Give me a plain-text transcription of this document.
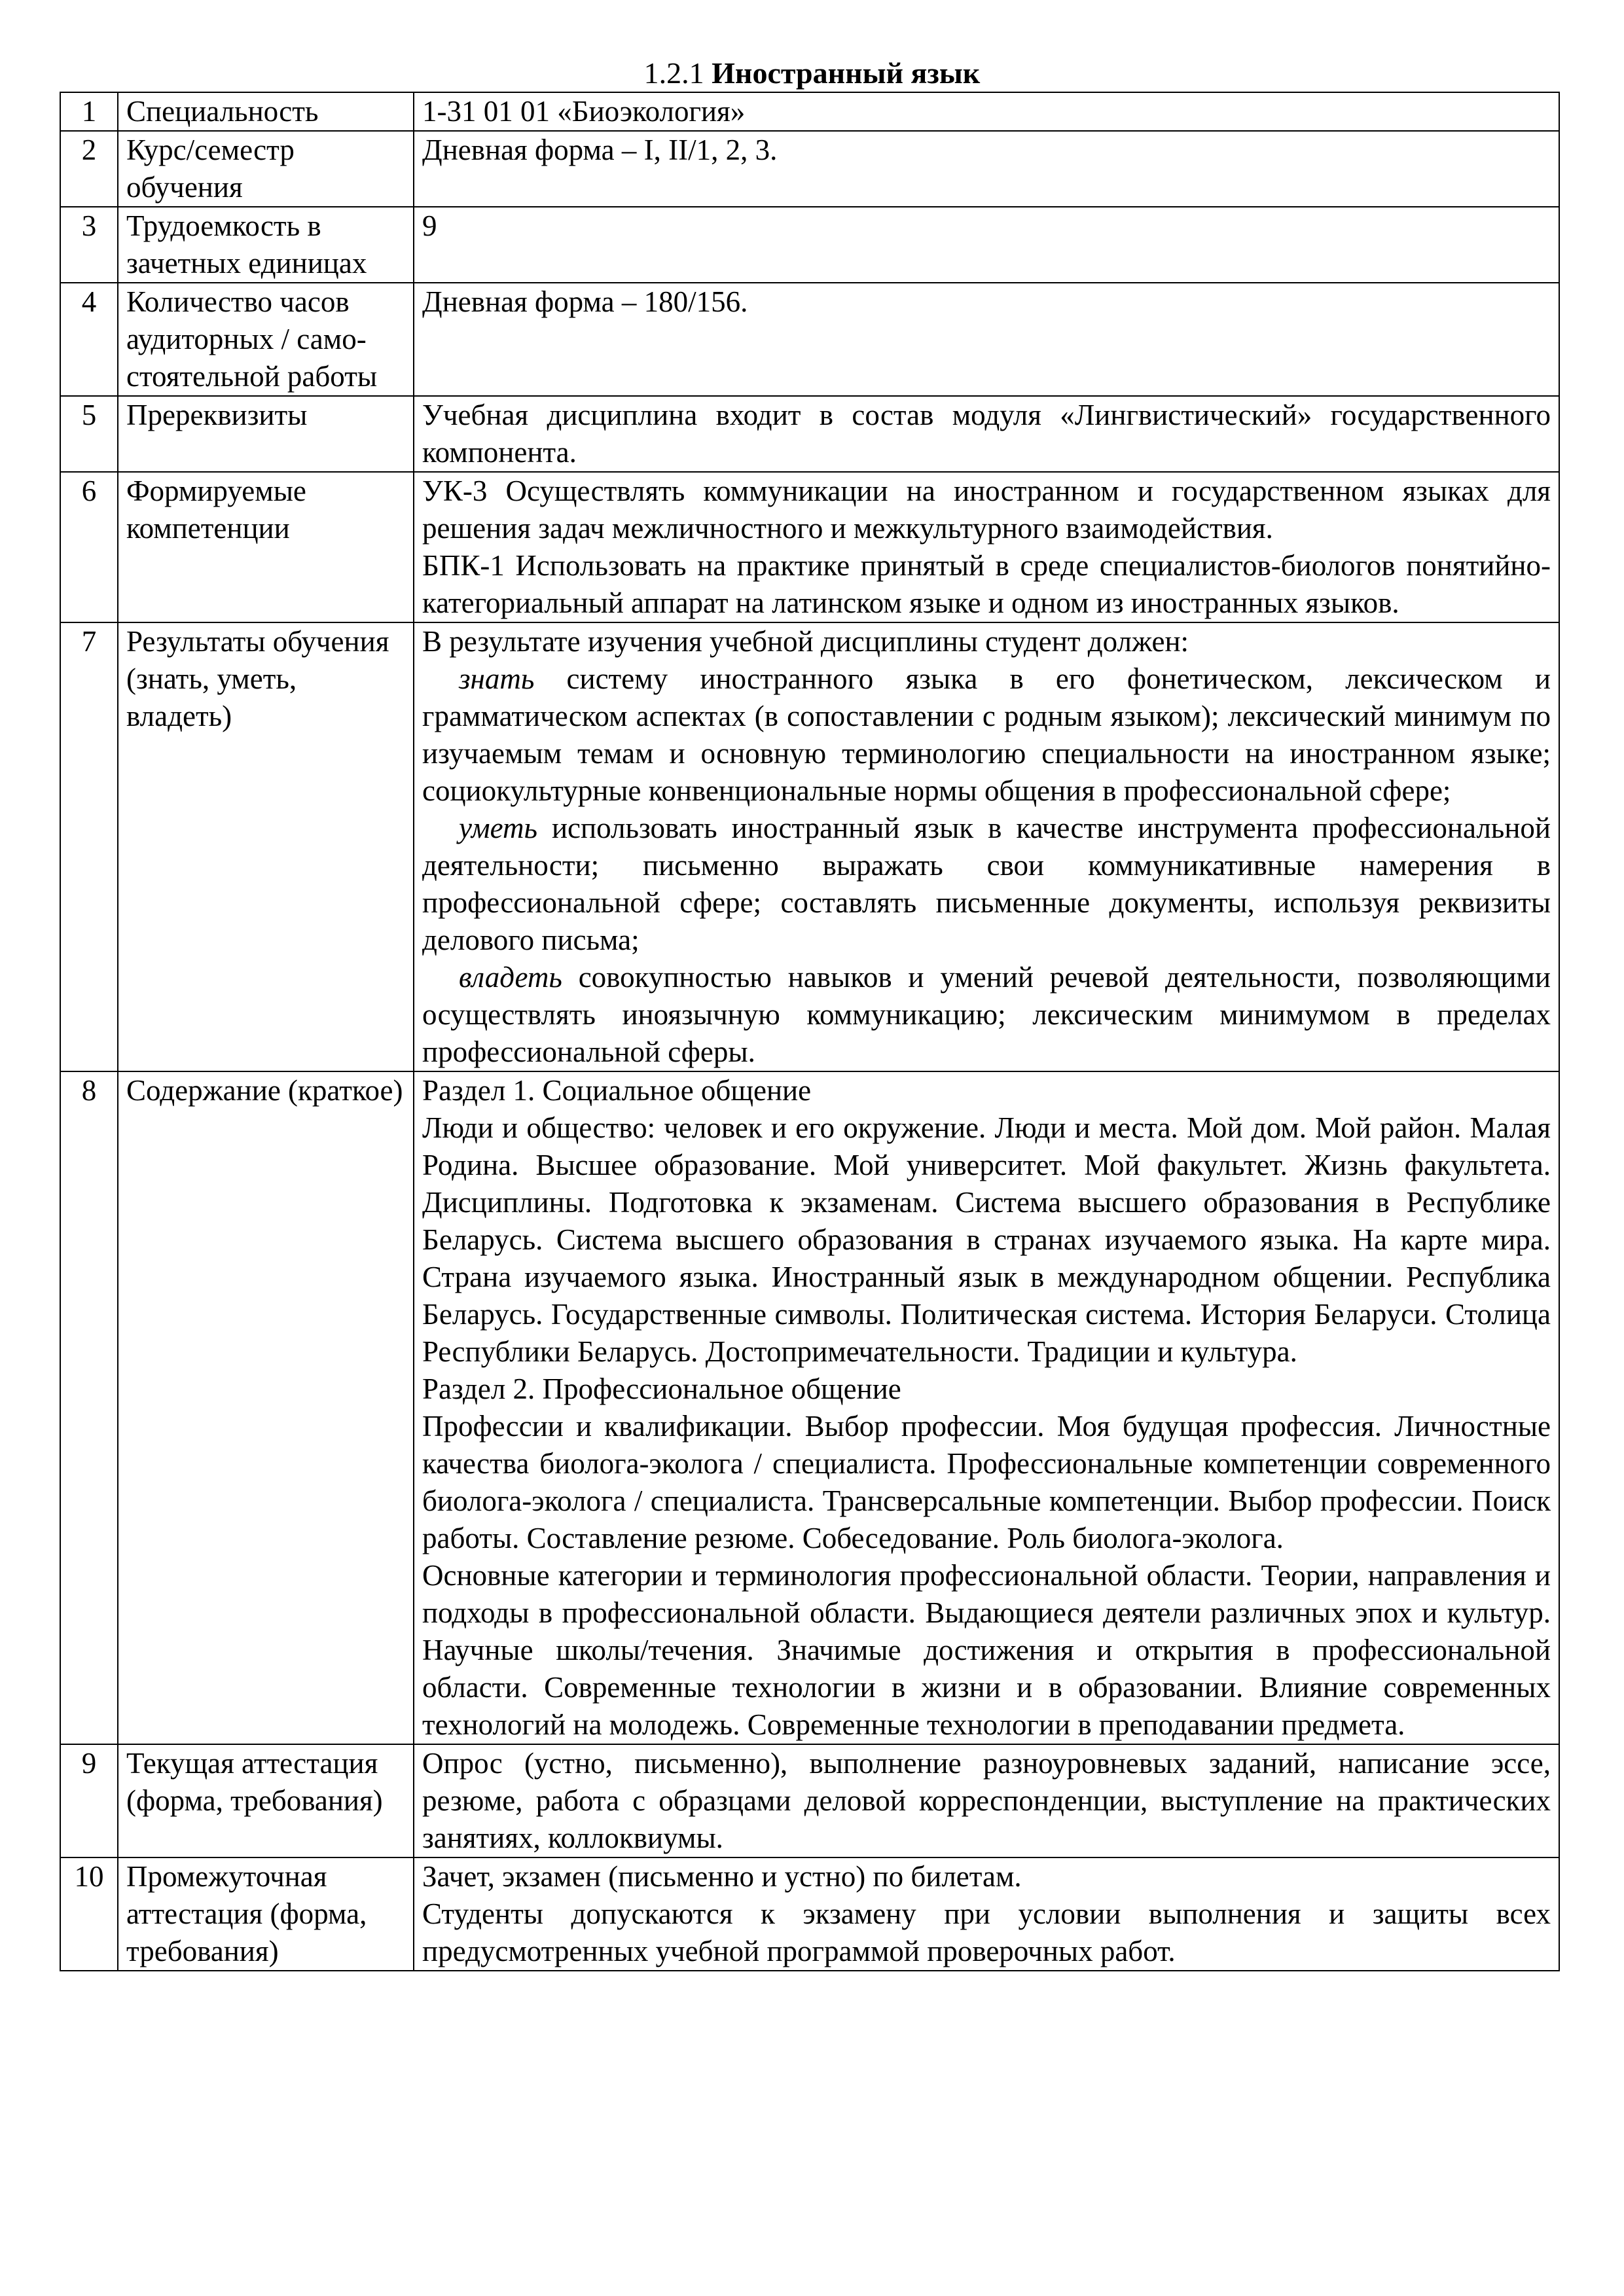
1.2.1 Иностранный язык
1	Специальность	1-31 01 01 «Биоэкология»
2	Курс/семестр обучения	Дневная форма – I, II/1, 2, 3.
3	Трудоемкость в зачетных единицах	9
4	Количество часов аудиторных / само-стоятельной работы	Дневная форма – 180/156.
5	Пререквизиты	Учебная дисциплина входит в состав модуля «Лингвистический» государственного компонента.
6	Формируемые компетенции	УК-3 Осуществлять коммуникации на иностранном и государственном языках для решения задач межличностного и межкультурного взаимодействия.
БПК-1 Использовать на практике принятый в среде специалистов-биологов понятийно-категориальный аппарат на латинском языке и одном из иностранных языков.

7	Результаты обучения (знать, уметь, владеть)	В результате изучения учебной дисциплины студент должен:
знать систему иностранного языка в его фонетическом, лексическом и грамматическом аспектах (в сопоставлении с родным языком); лексический минимум по изучаемым темам и основную терминологию специальности на иностранном языке; социокультурные конвенциональные нормы общения в профессиональной сфере;
уметь использовать иностранный язык в качестве инструмента профессиональной деятельности; письменно выражать свои коммуникативные намерения в профессиональной сфере; составлять письменные документы, используя реквизиты делового письма;
владеть совокупностью навыков и умений речевой деятельности, позволяющими осуществлять иноязычную коммуникацию; лексическим минимумом в пределах профессиональной сферы.

8	Содержание (краткое)	Раздел 1. Социальное общение
Люди и общество: человек и его окружение. Люди и места. Мой дом. Мой район. Малая Родина. Высшее образование. Мой университет. Мой факультет. Жизнь факультета. Дисциплины. Подготовка к экзаменам. Система высшего образования в Республике Беларусь. Система высшего образования в странах изучаемого языка. На карте мира. Страна изучаемого языка. Иностранный язык в международном общении. Республика Беларусь. Государственные символы. Политическая система. История Беларуси. Столица Республики Беларусь. Достопримечательности. Традиции и культура.
Раздел 2. Профессиональное общение
Профессии и квалификации. Выбор профессии. Моя будущая профессия. Личностные качества биолога-эколога / специалиста. Профессиональные компетенции современного биолога-эколога / специалиста. Трансверсальные компетенции. Выбор профессии. Поиск работы. Составление резюме. Собеседование. Роль биолога-эколога.
Основные категории и терминология профессиональной области. Теории, направления и подходы в профессиональной области. Выдающиеся деятели различных эпох и культур. Научные школы/течения. Значимые достижения и открытия в профессиональной области. Современные технологии в жизни и в образовании. Влияние современных технологий на молодежь. Современные технологии в преподавании предмета.

9	Текущая аттестация (форма, требования)	Опрос (устно, письменно), выполнение разноуровневых заданий, написание эссе, резюме, работа с образцами деловой корреспонденции, выступление на практических занятиях, коллоквиумы.
10	Промежуточная аттестация (форма, требования)	Зачет, экзамен (письменно и устно) по билетам.
Студенты допускаются к экзамену при условии выполнения и защиты всех предусмотренных учебной программой проверочных работ.
